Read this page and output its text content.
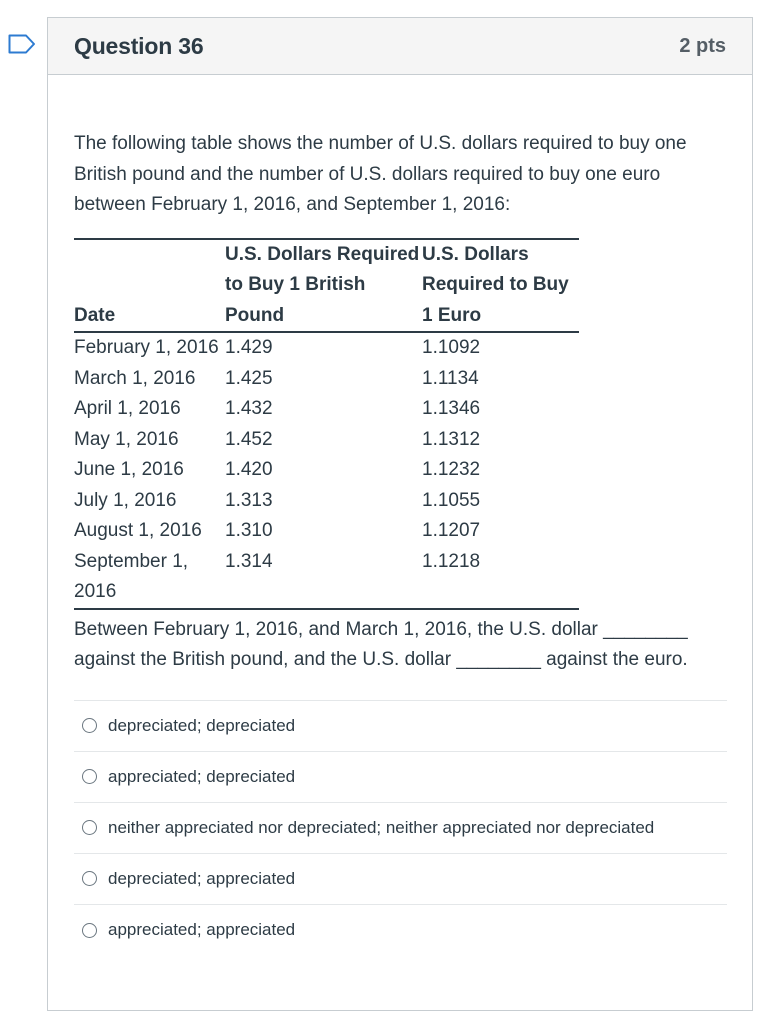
Question 36	2 pts

The following table shows the number of U.S. dollars required to buy one British pound and the number of U.S. dollars required to buy one euro between February 1, 2016, and September 1, 2016:

Date	U.S. Dollars Required to Buy 1 British Pound	U.S. Dollars Required to Buy 1 Euro
February 1, 2016	1.429	1.1092
March 1, 2016	1.425	1.1134
April 1, 2016	1.432	1.1346
May 1, 2016	1.452	1.1312
June 1, 2016	1.420	1.1232
July 1, 2016	1.313	1.1055
August 1, 2016	1.310	1.1207
September 1, 2016	1.314	1.1218

Between February 1, 2016, and March 1, 2016, the U.S. dollar ________ against the British pound, and the U.S. dollar ________ against the euro.

depreciated; depreciated
appreciated; depreciated
neither appreciated nor depreciated; neither appreciated nor depreciated
depreciated; appreciated
appreciated; appreciated
